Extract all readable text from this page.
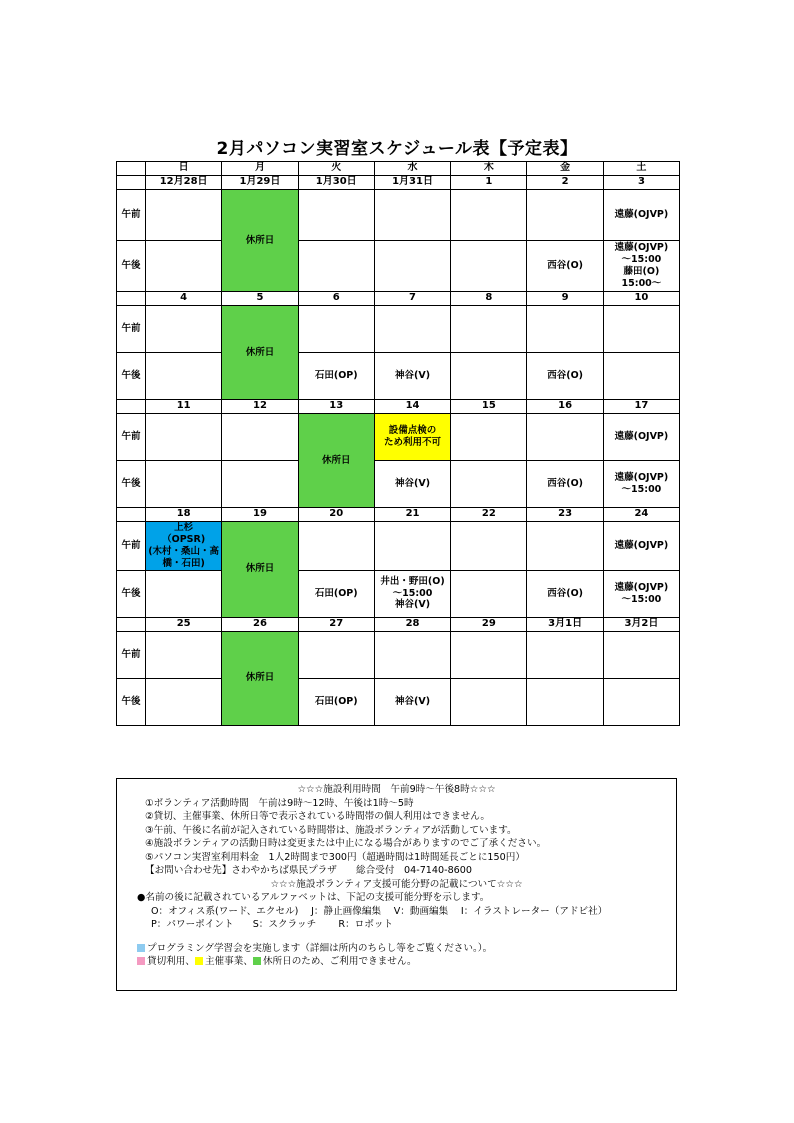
2月パソコン実習室スケジュール表【予定表】
	日	月	火	水	木	金	土
	12月28日	1月29日	1月30日	1月31日	1	2	3
午前		休所日					遠藤(OJVP)
午後						西谷(O)	遠藤(OJVP)
～15:00
藤田(O)
15:00～
	4	5	6	7	8	9	10
午前		休所日					
午後			石田(OP)	神谷(V)		西谷(O)	
	11	12	13	14	15	16	17
午前			休所日	設備点検の
ため利用不可			遠藤(OJVP)
午後				神谷(V)		西谷(O)	遠藤(OJVP)
～15:00
	18	19	20	21	22	23	24
午前	上杉
（OPSR)
(木村・桑山・高
橋・石田)	休所日					遠藤(OJVP)
午後			石田(OP)	井出・野田(O)
～15:00
神谷(V)		西谷(O)	遠藤(OJVP)
～15:00
	25	26	27	28	29	3月1日	3月2日
午前		休所日					
午後			石田(OP)	神谷(V)			
☆☆☆施設利用時間　午前9時～午後8時☆☆☆
①ボランティア活動時間　午前は9時～12時、午後は1時～5時
②貸切、主催事業、休所日等で表示されている時間帯の個人利用はできません。
③午前、午後に名前が記入されている時間帯は、施設ボランティアが活動しています。
④施設ボランティアの活動日時は変更または中止になる場合がありますのでご了承ください。
⑤パソコン実習室利用料金　1人2時間まで300円（超過時間は1時間延長ごとに150円）
【お問い合わせ先】さわやかちば県民プラザ　　総合受付　04-7140-8600
☆☆☆施設ボランティア支援可能分野の記載について☆☆☆
●名前の後に記載されているアルファベットは、下記の支援可能分野を示します。
O：オフィス系(ワード、エクセル)　 J：静止画像編集　 V：動画編集　 I：イラストレーター（アドビ社）
P：パワーポイント　　S：スクラッチ　　 R：ロボット
プログラミング学習会を実施します（詳細は所内のちらし等をご覧ください。）。
貸切利用、 主催事業、 休所日のため、ご利用できません。
